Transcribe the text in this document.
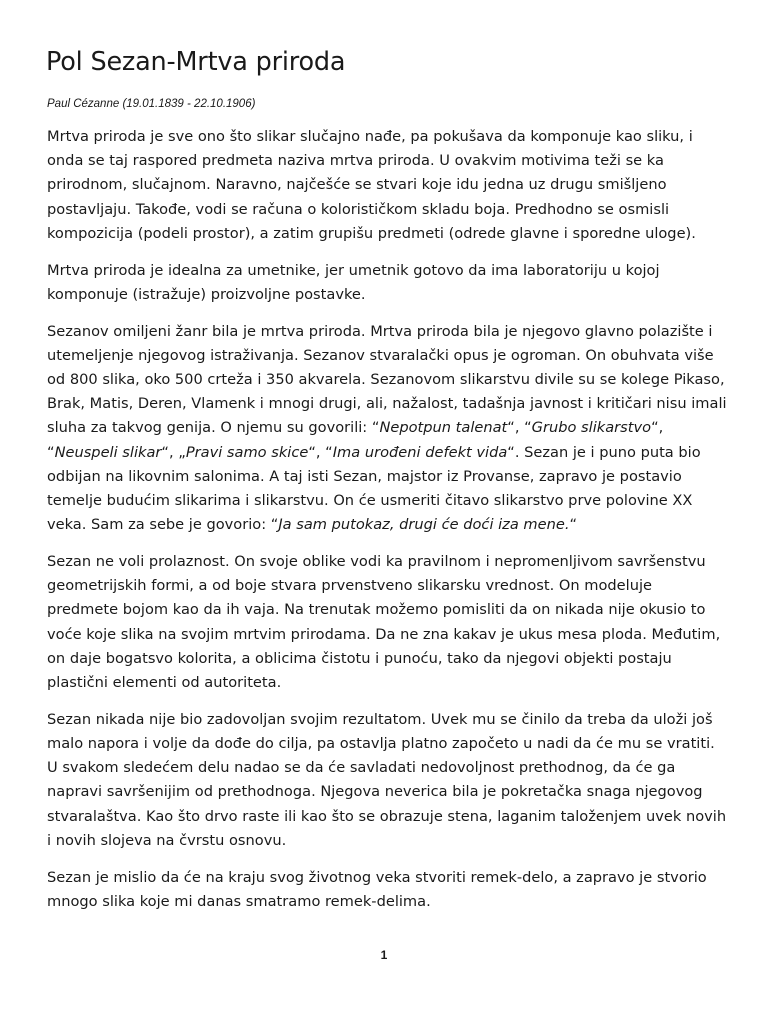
Pol Sezan-Mrtva priroda
Paul Cézanne (19.01.1839 - 22.10.1906)

Mrtva priroda je sve ono što slikar slučajno nađe, pa pokušava da komponuje kao sliku, i
onda se taj raspored predmeta naziva mrtva priroda. U ovakvim motivima teži se ka
prirodnom, slučajnom. Naravno, najčešće se stvari koje idu jedna uz drugu smišljeno
postavljaju. Takođe, vodi se računa o kolorističkom skladu boja. Predhodno se osmisli
kompozicija (podeli prostor), a zatim grupišu predmeti (odrede glavne i sporedne uloge).

Mrtva priroda je idealna za umetnike, jer umetnik gotovo da ima laboratoriju u kojoj
komponuje (istražuje) proizvoljne postavke.

Sezanov omiljeni žanr bila je mrtva priroda. Mrtva priroda bila je njegovo glavno polazište i
utemeljenje njegovog istraživanja. Sezanov stvaralački opus je ogroman. On obuhvata više
od 800 slika, oko 500 crteža i 350 akvarela. Sezanovom slikarstvu divile su se kolege Pikaso,
Brak, Matis, Deren, Vlamenk i mnogi drugi, ali, nažalost, tadašnja javnost i kritičari nisu imali
sluha za takvog genija. O njemu su govorili: “Nepotpun talenat“, “Grubo slikarstvo“,
“Neuspeli slikar“, „Pravi samo skice“, “Ima urođeni defekt vida“. Sezan je i puno puta bio
odbijan na likovnim salonima. A taj isti Sezan, majstor iz Provanse, zapravo je postavio
temelje budućim slikarima i slikarstvu. On će usmeriti čitavo slikarstvo prve polovine XX
veka. Sam za sebe je govorio: “Ja sam putokaz, drugi će doći iza mene.“

Sezan ne voli prolaznost. On svoje oblike vodi ka pravilnom i nepromenljivom savršenstvu
geometrijskih formi, a od boje stvara prvenstveno slikarsku vrednost. On modeluje
predmete bojom kao da ih vaja. Na trenutak možemo pomisliti da on nikada nije okusio to
voće koje slika na svojim mrtvim prirodama. Da ne zna kakav je ukus mesa ploda. Međutim,
on daje bogatsvo kolorita, a oblicima čistotu i punoću, tako da njegovi objekti postaju
plastični elementi od autoriteta.

Sezan nikada nije bio zadovoljan svojim rezultatom. Uvek mu se činilo da treba da uloži još
malo napora i volje da dođe do cilja, pa ostavlja platno započeto u nadi da će mu se vratiti.
U svakom sledećem delu nadao se da će savladati nedovoljnost prethodnog, da će ga
napravi savršenijim od prethodnoga. Njegova neverica bila je pokretačka snaga njegovog
stvaralaštva. Kao što drvo raste ili kao što se obrazuje stena, laganim taloženjem uvek novih
i novih slojeva na čvrstu osnovu.

Sezan je mislio da će na kraju svog životnog veka stvoriti remek-delo, a zapravo je stvorio
mnogo slika koje mi danas smatramo remek-delima.

1
